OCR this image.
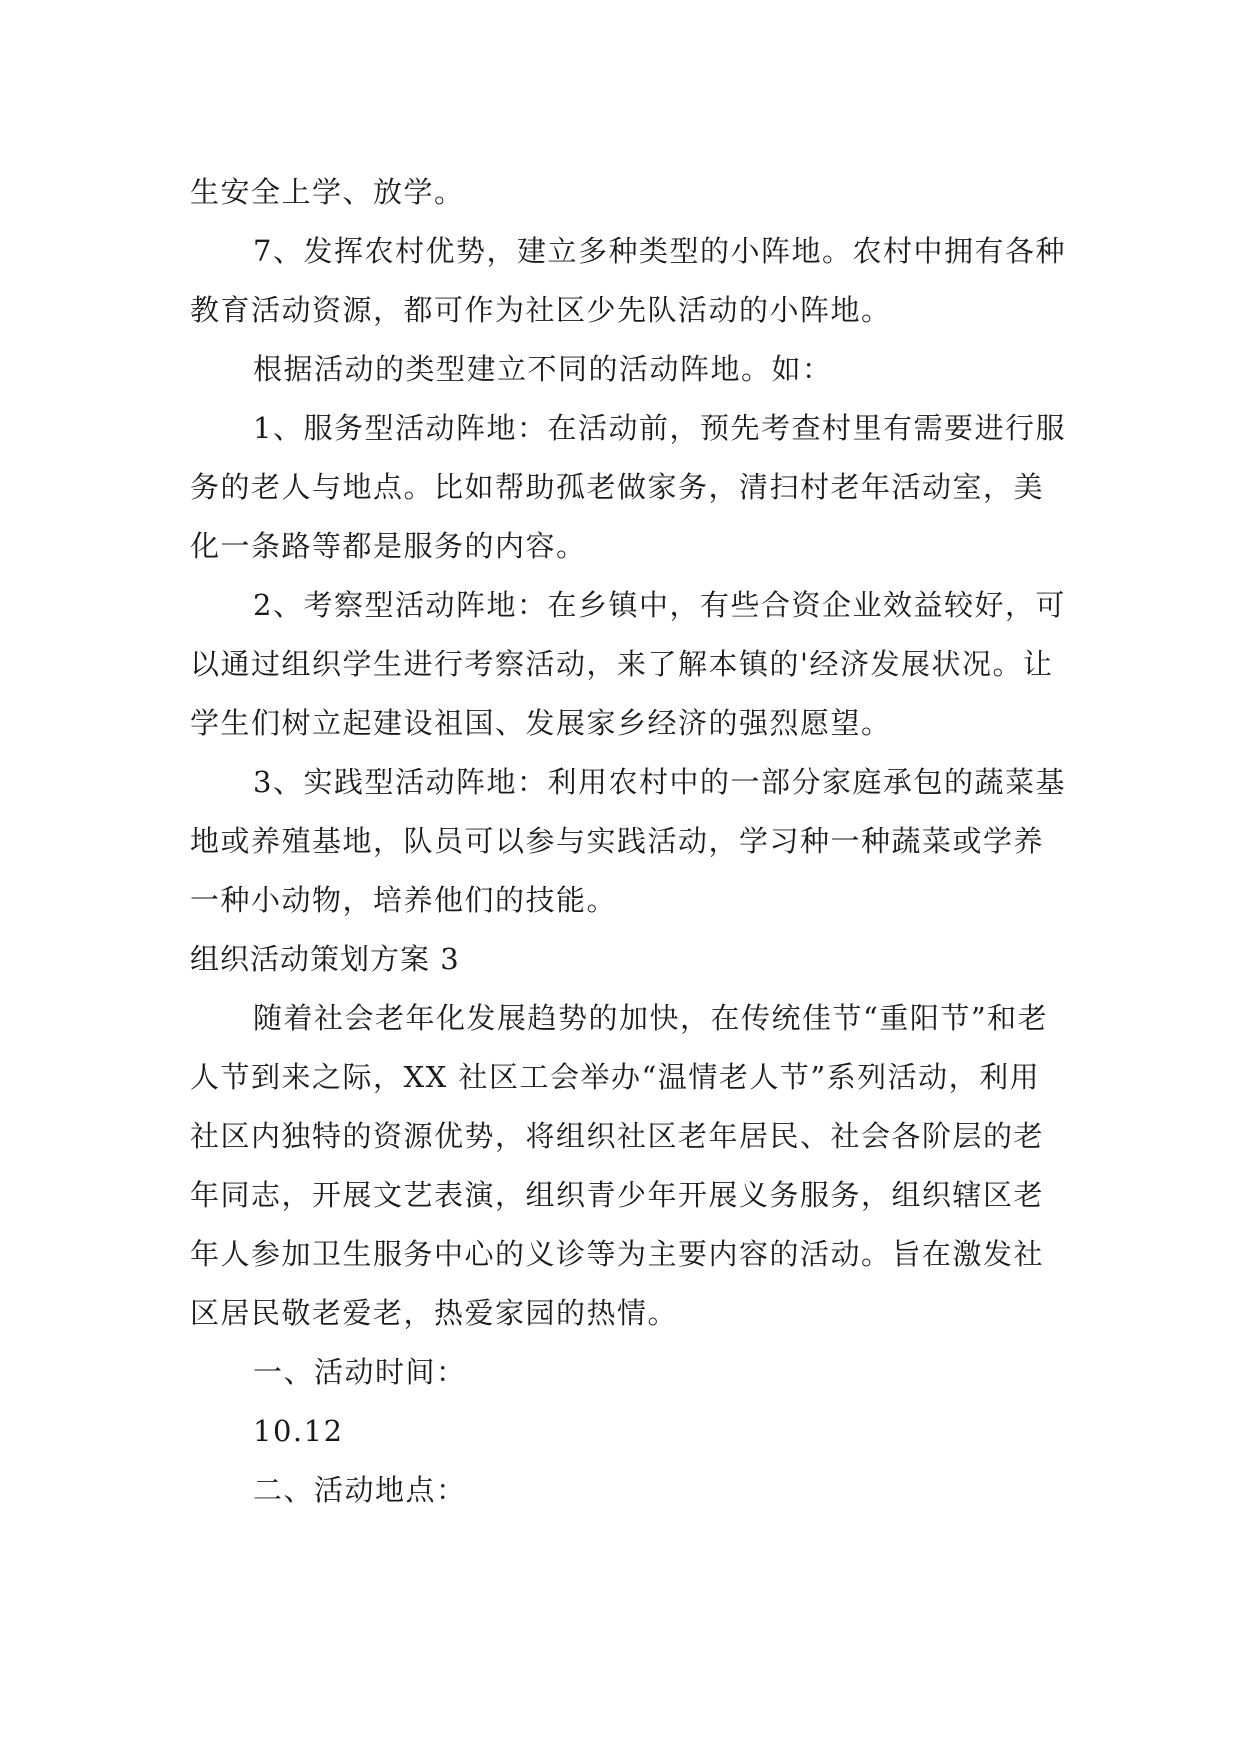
生安全上学、放学。

7、发挥农村优势，建立多种类型的小阵地。农村中拥有各种教育活动资源，都可作为社区少先队活动的小阵地。

根据活动的类型建立不同的活动阵地。如：

1、服务型活动阵地：在活动前，预先考查村里有需要进行服务的老人与地点。比如帮助孤老做家务，清扫村老年活动室，美化一条路等都是服务的内容。

2、考察型活动阵地：在乡镇中，有些合资企业效益较好，可以通过组织学生进行考察活动，来了解本镇的'经济发展状况。让学生们树立起建设祖国、发展家乡经济的强烈愿望。

3、实践型活动阵地：利用农村中的一部分家庭承包的蔬菜基地或养殖基地，队员可以参与实践活动，学习种一种蔬菜或学养一种小动物，培养他们的技能。

组织活动策划方案 3

随着社会老年化发展趋势的加快，在传统佳节“重阳节”和老人节到来之际，XX 社区工会举办“温情老人节”系列活动，利用社区内独特的资源优势，将组织社区老年居民、社会各阶层的老年同志，开展文艺表演，组织青少年开展义务服务，组织辖区老年人参加卫生服务中心的义诊等为主要内容的活动。旨在激发社区居民敬老爱老，热爱家园的热情。

一、活动时间：

10.12

二、活动地点：
